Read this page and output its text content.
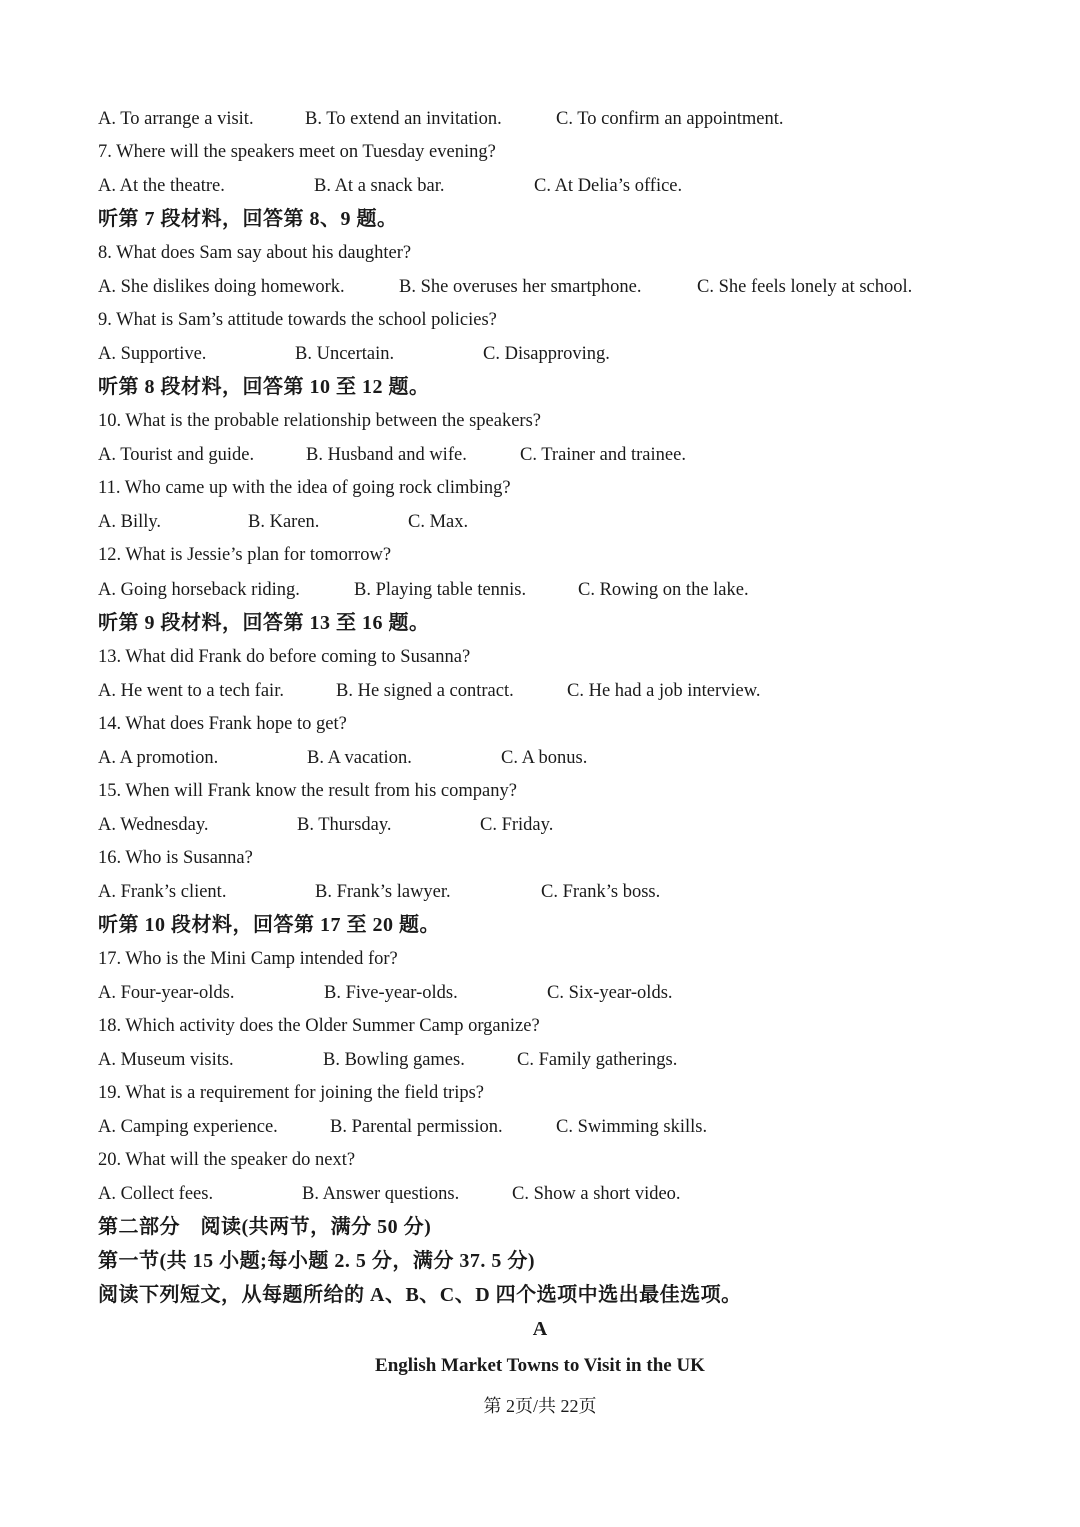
A. To arrange a visit.	B. To extend an invitation.	C. To confirm an appointment.
7. Where will the speakers meet on Tuesday evening?
A. At the theatre.	B. At a snack bar.	C. At Delia’s office.
听第 7 段材料，回答第 8、9 题。
8. What does Sam say about his daughter?
A. She dislikes doing homework.	B. She overuses her smartphone.	C. She feels lonely at school.
9. What is Sam’s attitude towards the school policies?
A. Supportive.	B. Uncertain.	C. Disapproving.
听第 8 段材料，回答第 10 至 12 题。
10. What is the probable relationship between the speakers?
A. Tourist and guide.	B. Husband and wife.	C. Trainer and trainee.
11. Who came up with the idea of going rock climbing?
A. Billy.	B. Karen.	C. Max.
12. What is Jessie’s plan for tomorrow?
A. Going horseback riding.	B. Playing table tennis.	C. Rowing on the lake.
听第 9 段材料，回答第 13 至 16 题。
13. What did Frank do before coming to Susanna?
A. He went to a tech fair.	B. He signed a contract.	C. He had a job interview.
14. What does Frank hope to get?
A. A promotion.	B. A vacation.	C. A bonus.
15. When will Frank know the result from his company?
A. Wednesday.	B. Thursday.	C. Friday.
16. Who is Susanna?
A. Frank’s client.	B. Frank’s lawyer.	C. Frank’s boss.
听第 10 段材料，回答第 17 至 20 题。
17. Who is the Mini Camp intended for?
A. Four-year-olds.	B. Five-year-olds.	C. Six-year-olds.
18. Which activity does the Older Summer Camp organize?
A. Museum visits.	B. Bowling games.	C. Family gatherings.
19. What is a requirement for joining the field trips?
A. Camping experience.	B. Parental permission.	C. Swimming skills.
20. What will the speaker do next?
A. Collect fees.	B. Answer questions.	C. Show a short video.
第二部分　阅读(共两节，满分 50 分)
第一节(共 15 小题;每小题 2. 5 分，满分 37. 5 分)
阅读下列短文，从每题所给的 A、B、C、D 四个选项中选出最佳选项。
A
English Market Towns to Visit in the UK
第 2页/共 22页
